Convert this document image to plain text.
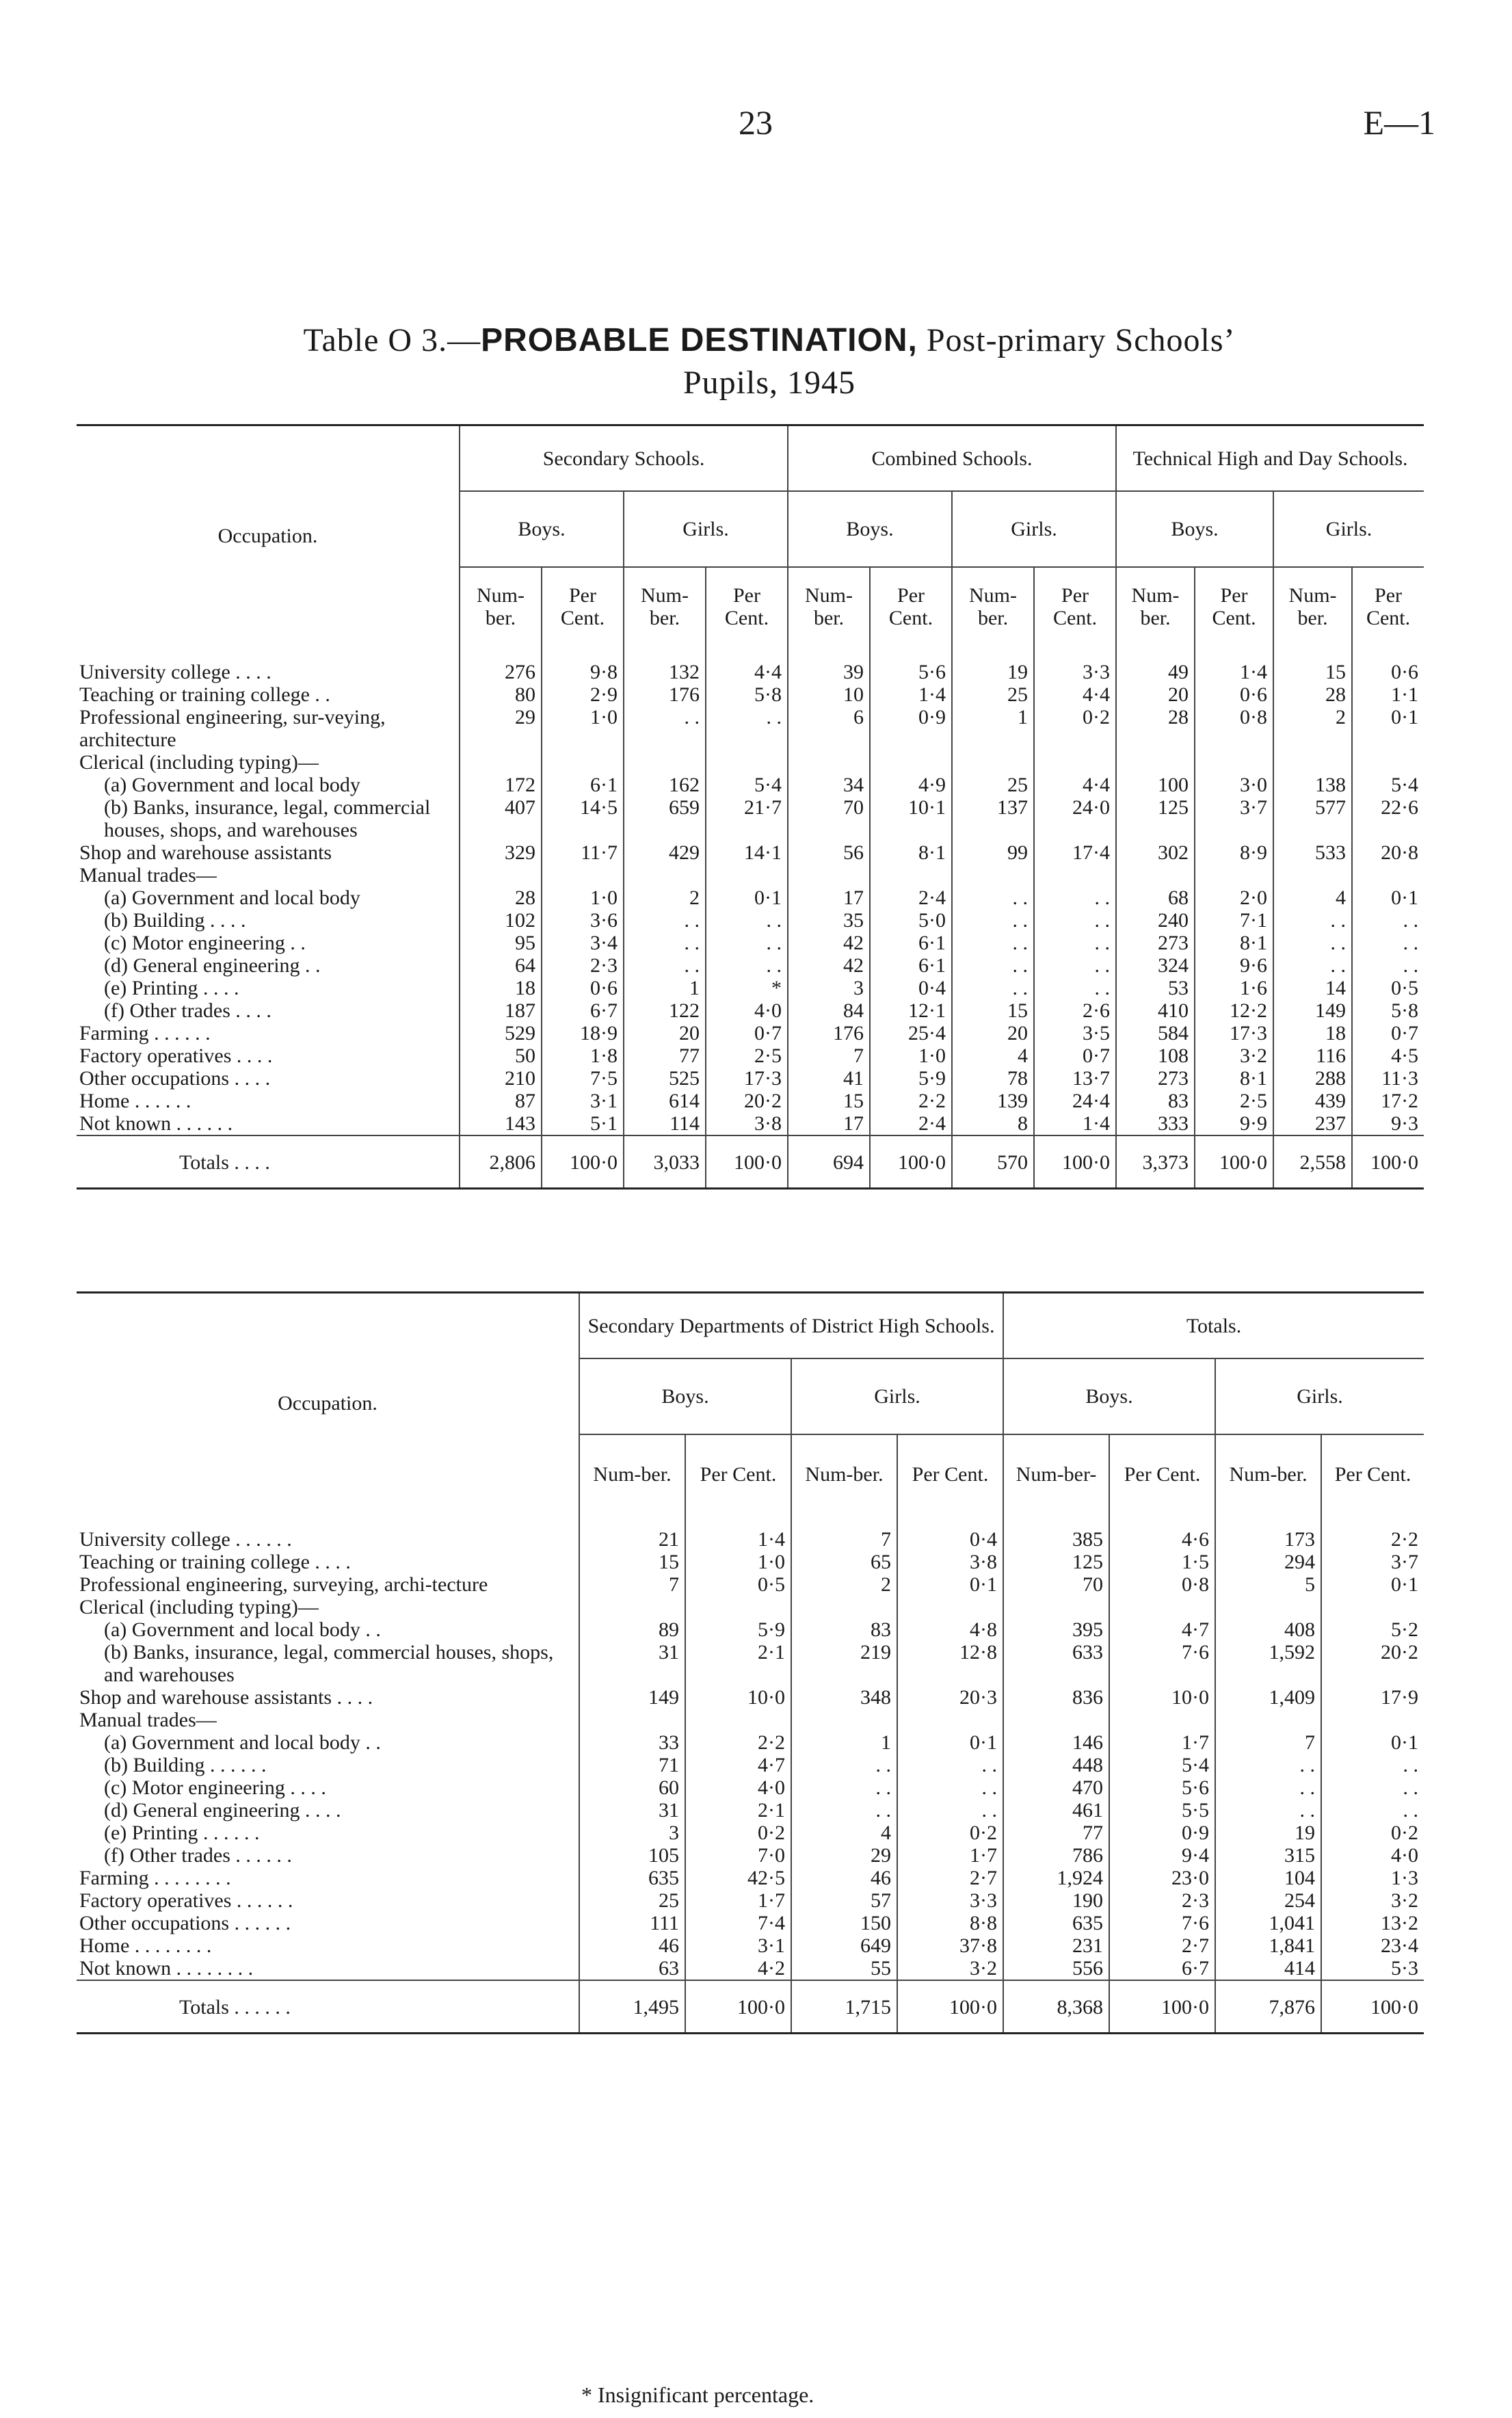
23	E—1
Table O 3.—PROBABLE DESTINATION, Post-primary Schools’
Pupils, 1945
Occupation.	Secondary Schools.				Combined Schools.				Technical High and Day Schools.			
	Boys.		Girls.		Boys.		Girls.		Boys.		Girls.	
	Num-ber.	Per Cent.	Num-ber.	Per Cent.	Num-ber.	Per Cent.	Num-ber.	Per Cent.	Num-ber.	Per Cent.	Num-ber.	Per Cent.
University college . . . .	276	9·8	132	4·4	39	5·6	19	3·3	49	1·4	15	0·6
Teaching or training college . .	80	2·9	176	5·8	10	1·4	25	4·4	20	0·6	28	1·1
Professional engineering, sur-veying, architecture	29	1·0	. .	. .	6	0·9	1	0·2	28	0·8	2	0·1
Clerical (including typing)—												
(a) Government and local body	172	6·1	162	5·4	34	4·9	25	4·4	100	3·0	138	5·4
(b) Banks, insurance, legal, commercial houses, shops, and warehouses	407	14·5	659	21·7	70	10·1	137	24·0	125	3·7	577	22·6
Shop and warehouse assistants	329	11·7	429	14·1	56	8·1	99	17·4	302	8·9	533	20·8
Manual trades—												
(a) Government and local body	28	1·0	2	0·1	17	2·4	. .	. .	68	2·0	4	0·1
(b) Building . . . .	102	3·6	. .	. .	35	5·0	. .	. .	240	7·1	. .	. .
(c) Motor engineering . .	95	3·4	. .	. .	42	6·1	. .	. .	273	8·1	. .	. .
(d) General engineering . .	64	2·3	. .	. .	42	6·1	. .	. .	324	9·6	. .	. .
(e) Printing . . . .	18	0·6	1	*	3	0·4	. .	. .	53	1·6	14	0·5
(f) Other trades . . . .	187	6·7	122	4·0	84	12·1	15	2·6	410	12·2	149	5·8
Farming . . . . . .	529	18·9	20	0·7	176	25·4	20	3·5	584	17·3	18	0·7
Factory operatives . . . .	50	1·8	77	2·5	7	1·0	4	0·7	108	3·2	116	4·5
Other occupations . . . .	210	7·5	525	17·3	41	5·9	78	13·7	273	8·1	288	11·3
Home . . . . . .	87	3·1	614	20·2	15	2·2	139	24·4	83	2·5	439	17·2
Not known . . . . . .	143	5·1	114	3·8	17	2·4	8	1·4	333	9·9	237	9·3
Totals . . . .	2,806	100·0	3,033	100·0	694	100·0	570	100·0	3,373	100·0	2,558	100·0
Occupation.	Secondary Departments of District High Schools.				Totals.			
	Boys.		Girls.		Boys.		Girls.	
	Num-ber.	Per Cent.	Num-ber.	Per Cent.	Num-ber-	Per Cent.	Num-ber.	Per Cent.
University college . . . . . .	21	1·4	7	0·4	385	4·6	173	2·2
Teaching or training college . . . .	15	1·0	65	3·8	125	1·5	294	3·7
Professional engineering, surveying, archi-tecture	7	0·5	2	0·1	70	0·8	5	0·1
Clerical (including typing)—								
(a) Government and local body . .	89	5·9	83	4·8	395	4·7	408	5·2
(b) Banks, insurance, legal, commercial houses, shops, and warehouses	31	2·1	219	12·8	633	7·6	1,592	20·2
Shop and warehouse assistants . . . .	149	10·0	348	20·3	836	10·0	1,409	17·9
Manual trades—								
(a) Government and local body . .	33	2·2	1	0·1	146	1·7	7	0·1
(b) Building . . . . . .	71	4·7	. .	. .	448	5·4	. .	. .
(c) Motor engineering . . . .	60	4·0	. .	. .	470	5·6	. .	. .
(d) General engineering . . . .	31	2·1	. .	. .	461	5·5	. .	. .
(e) Printing . . . . . .	3	0·2	4	0·2	77	0·9	19	0·2
(f) Other trades . . . . . .	105	7·0	29	1·7	786	9·4	315	4·0
Farming . . . . . . . .	635	42·5	46	2·7	1,924	23·0	104	1·3
Factory operatives . . . . . .	25	1·7	57	3·3	190	2·3	254	3·2
Other occupations . . . . . .	111	7·4	150	8·8	635	7·6	1,041	13·2
Home . . . . . . . .	46	3·1	649	37·8	231	2·7	1,841	23·4
Not known . . . . . . . .	63	4·2	55	3·2	556	6·7	414	5·3
Totals . . . . . .	1,495	100·0	1,715	100·0	8,368	100·0	7,876	100·0
* Insignificant percentage.
